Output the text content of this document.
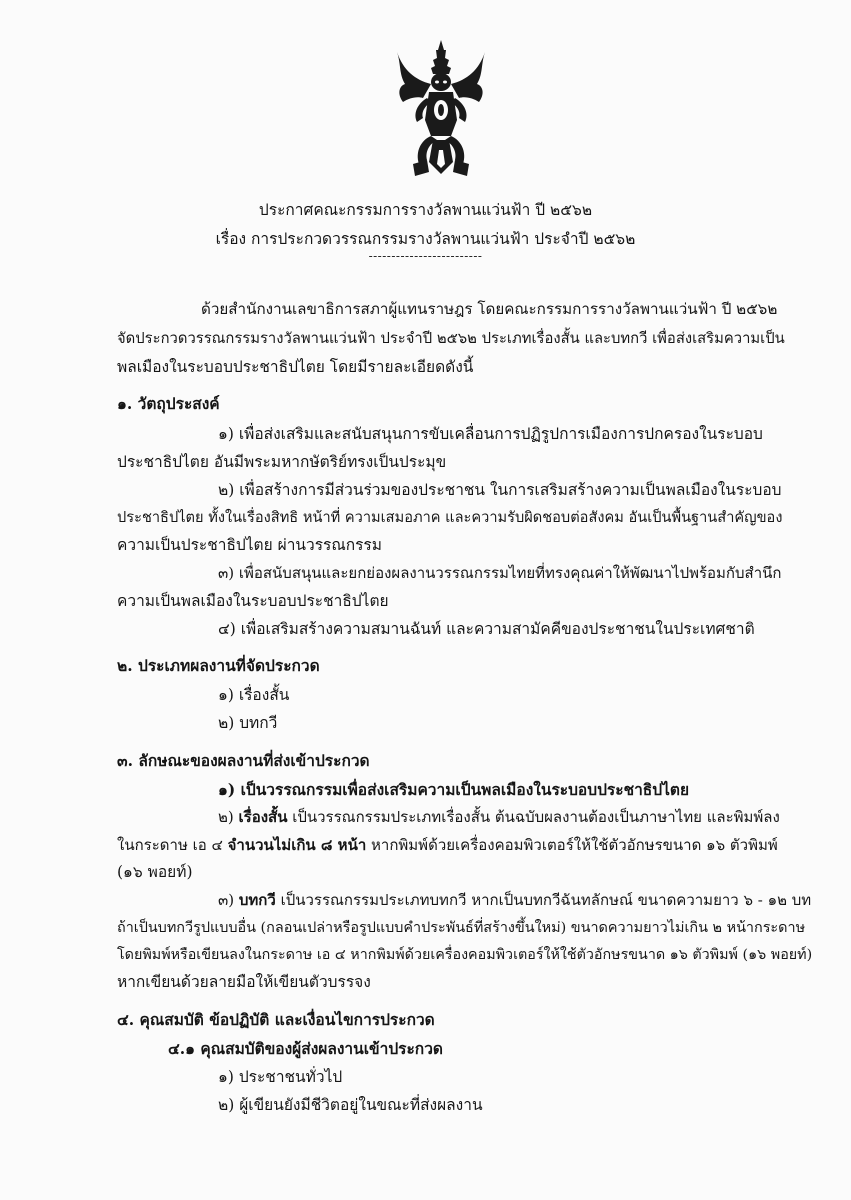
ประกาศคณะกรรมการรางวัลพานแว่นฟ้า ปี ๒๕๖๒
เรื่อง การประกวดวรรณกรรมรางวัลพานแว่นฟ้า ประจำปี ๒๕๖๒
-------------------------
ด้วยสำนักงานเลขาธิการสภาผู้แทนราษฎร โดยคณะกรรมการรางวัลพานแว่นฟ้า ปี ๒๕๖๒
จัดประกวดวรรณกรรมรางวัลพานแว่นฟ้า ประจำปี ๒๕๖๒ ประเภทเรื่องสั้น และบทกวี เพื่อส่งเสริมความเป็น
พลเมืองในระบอบประชาธิปไตย โดยมีรายละเอียดดังนี้
๑. วัตถุประสงค์
๑) เพื่อส่งเสริมและสนับสนุนการขับเคลื่อนการปฏิรูปการเมืองการปกครองในระบอบ
ประชาธิปไตย อันมีพระมหากษัตริย์ทรงเป็นประมุข
๒) เพื่อสร้างการมีส่วนร่วมของประชาชน ในการเสริมสร้างความเป็นพลเมืองในระบอบ
ประชาธิปไตย ทั้งในเรื่องสิทธิ หน้าที่ ความเสมอภาค และความรับผิดชอบต่อสังคม อันเป็นพื้นฐานสำคัญของ
ความเป็นประชาธิปไตย ผ่านวรรณกรรม
๓) เพื่อสนับสนุนและยกย่องผลงานวรรณกรรมไทยที่ทรงคุณค่าให้พัฒนาไปพร้อมกับสำนึก
ความเป็นพลเมืองในระบอบประชาธิปไตย
๔) เพื่อเสริมสร้างความสมานฉันท์ และความสามัคคีของประชาชนในประเทศชาติ
๒. ประเภทผลงานที่จัดประกวด
๑) เรื่องสั้น
๒) บทกวี
๓. ลักษณะของผลงานที่ส่งเข้าประกวด
๑) เป็นวรรณกรรมเพื่อส่งเสริมความเป็นพลเมืองในระบอบประชาธิปไตย
๒) เรื่องสั้น เป็นวรรณกรรมประเภทเรื่องสั้น ต้นฉบับผลงานต้องเป็นภาษาไทย และพิมพ์ลง
ในกระดาษ เอ ๔ จำนวนไม่เกิน ๘ หน้า หากพิมพ์ด้วยเครื่องคอมพิวเตอร์ให้ใช้ตัวอักษรขนาด ๑๖ ตัวพิมพ์
(๑๖ พอยท์)
๓) บทกวี เป็นวรรณกรรมประเภทบทกวี หากเป็นบทกวีฉันทลักษณ์ ขนาดความยาว ๖ - ๑๒ บท
ถ้าเป็นบทกวีรูปแบบอื่น (กลอนเปล่าหรือรูปแบบคำประพันธ์ที่สร้างขึ้นใหม่) ขนาดความยาวไม่เกิน ๒ หน้ากระดาษ
โดยพิมพ์หรือเขียนลงในกระดาษ เอ ๔ หากพิมพ์ด้วยเครื่องคอมพิวเตอร์ให้ใช้ตัวอักษรขนาด ๑๖ ตัวพิมพ์ (๑๖ พอยท์)
หากเขียนด้วยลายมือให้เขียนตัวบรรจง
๔. คุณสมบัติ ข้อปฏิบัติ และเงื่อนไขการประกวด
๔.๑ คุณสมบัติของผู้ส่งผลงานเข้าประกวด
๑) ประชาชนทั่วไป
๒) ผู้เขียนยังมีชีวิตอยู่ในขณะที่ส่งผลงาน
